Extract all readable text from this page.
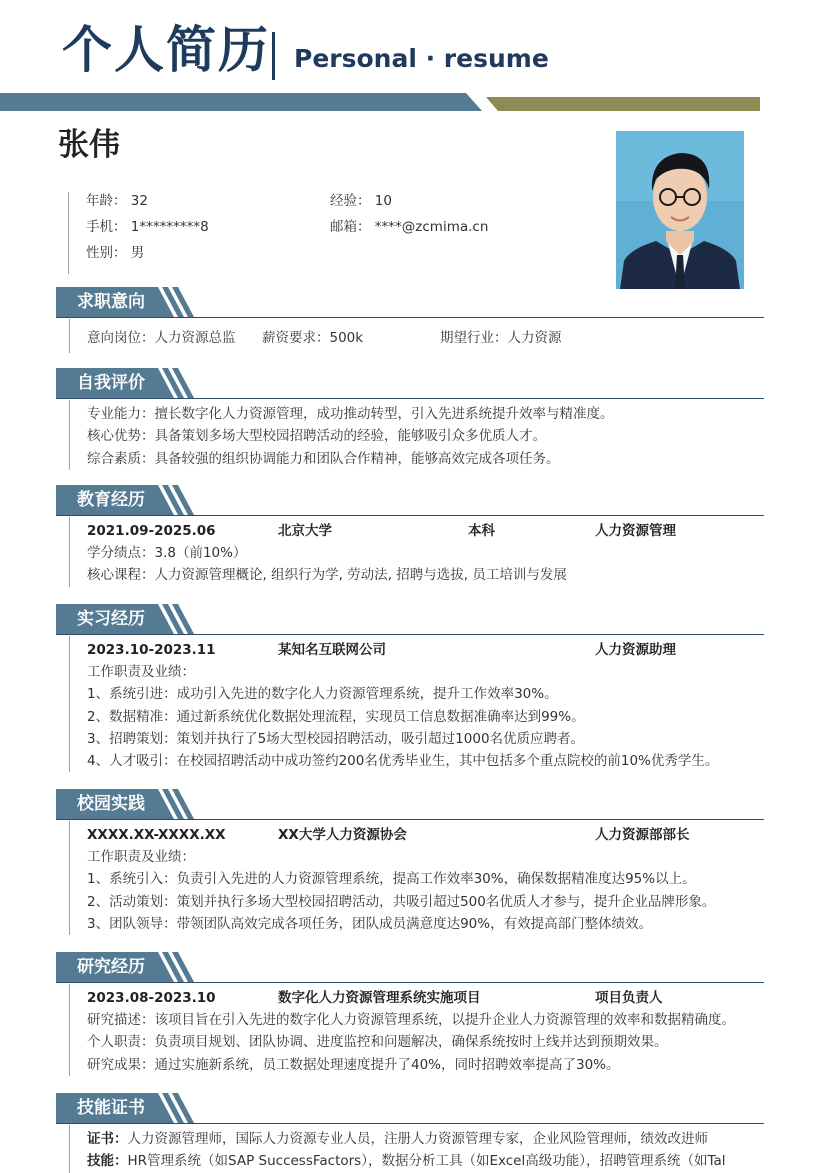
个人简历 Personal · resume
张伟
年龄： 32	经验： 10
手机： 1*********8	邮箱： ****@zcmima.cn
性别： 男
求职意向
意向岗位：人力资源总监 薪资要求：500k	期望行业：人力资源
自我评价
专业能力：擅长数字化人力资源管理，成功推动转型，引入先进系统提升效率与精准度。
核心优势：具备策划多场大型校园招聘活动的经验，能够吸引众多优质人才。
综合素质：具备较强的组织协调能力和团队合作精神，能够高效完成各项任务。
教育经历
2021.09-2025.06	北京大学	本科	人力资源管理
学分绩点：3.8（前10%）
核心课程：人力资源管理概论, 组织行为学, 劳动法, 招聘与选拔, 员工培训与发展
实习经历
2023.10-2023.11	某知名互联网公司	人力资源助理
工作职责及业绩：
1、系统引进：成功引入先进的数字化人力资源管理系统，提升工作效率30%。
2、数据精准：通过新系统优化数据处理流程，实现员工信息数据准确率达到99%。
3、招聘策划：策划并执行了5场大型校园招聘活动，吸引超过1000名优质应聘者。
4、人才吸引：在校园招聘活动中成功签约200名优秀毕业生，其中包括多个重点院校的前10%优秀学生。
校园实践
XXXX.XX-XXXX.XX	XX大学人力资源协会	人力资源部部长
工作职责及业绩：
1、系统引入：负责引入先进的人力资源管理系统，提高工作效率30%，确保数据精准度达95%以上。
2、活动策划：策划并执行多场大型校园招聘活动，共吸引超过500名优质人才参与，提升企业品牌形象。
3、团队领导：带领团队高效完成各项任务，团队成员满意度达90%，有效提高部门整体绩效。
研究经历
2023.08-2023.10	数字化人力资源管理系统实施项目	项目负责人
研究描述：该项目旨在引入先进的数字化人力资源管理系统，以提升企业人力资源管理的效率和数据精确度。
个人职责：负责项目规划、团队协调、进度监控和问题解决，确保系统按时上线并达到预期效果。
研究成果：通过实施新系统，员工数据处理速度提升了40%，同时招聘效率提高了30%。
技能证书
证书：人力资源管理师，国际人力资源专业人员，注册人力资源管理专家，企业风险管理师，绩效改进师
技能：HR管理系统（如SAP SuccessFactors），数据分析工具（如Excel高级功能），招聘管理系统（如Tal
